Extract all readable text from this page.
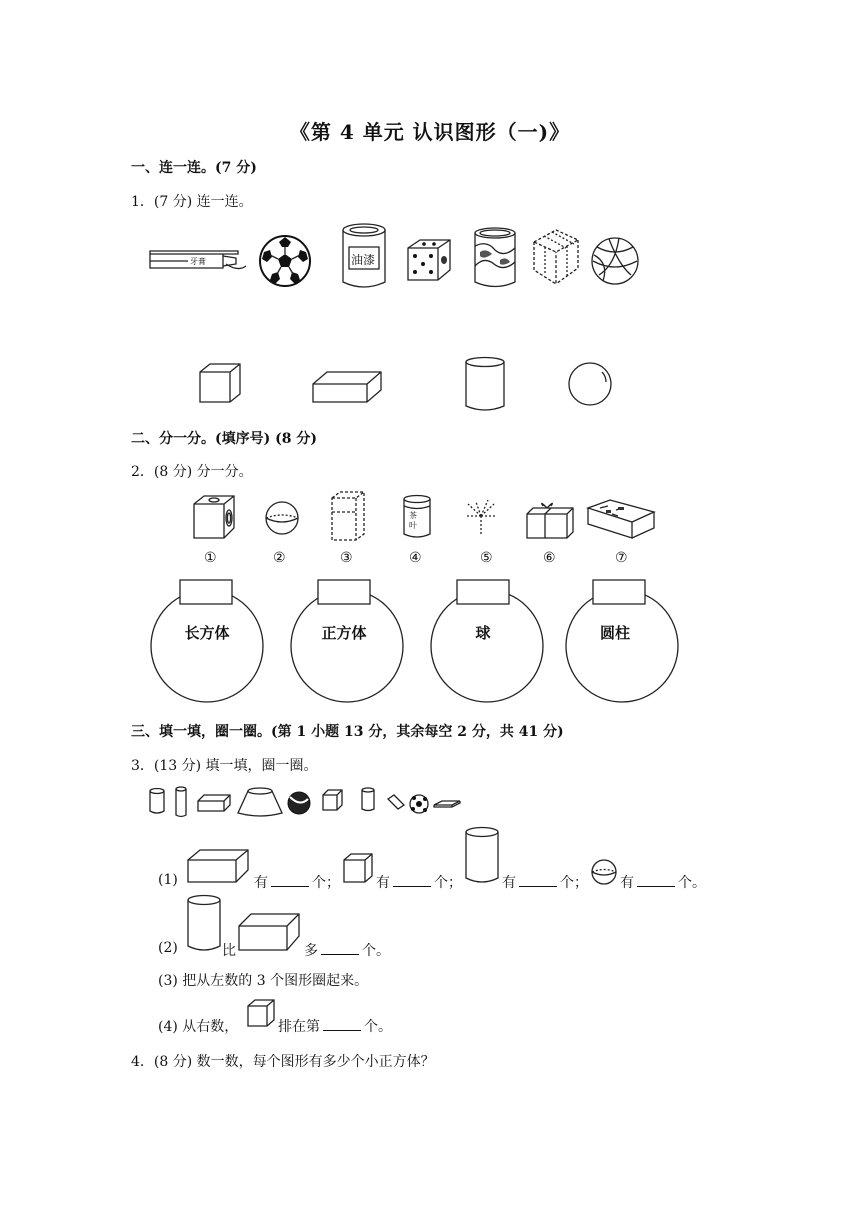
《第 4 单元 认识图形（一)》
一、连一连。(7 分)
1．(7 分) 连一连。
牙膏	油漆
二、分一分。(填序号) (8 分)
2．(8 分) 分一分。
茶叶
①	②	③	④	⑤	⑥	⑦
长方体	正方体	球	圆柱
三、填一填，圈一圈。(第 1 小题 13 分，其余每空 2 分，共 41 分)
3．(13 分) 填一填，圈一圈。
(1)	有	个；	有	个；	有	个； 有	个。
(2)	比	多	个。
(3) 把从左数的 3 个图形圈起来。
(4) 从右数，	排在第	个。
4．(8 分) 数一数，每个图形有多少个小正方体？
